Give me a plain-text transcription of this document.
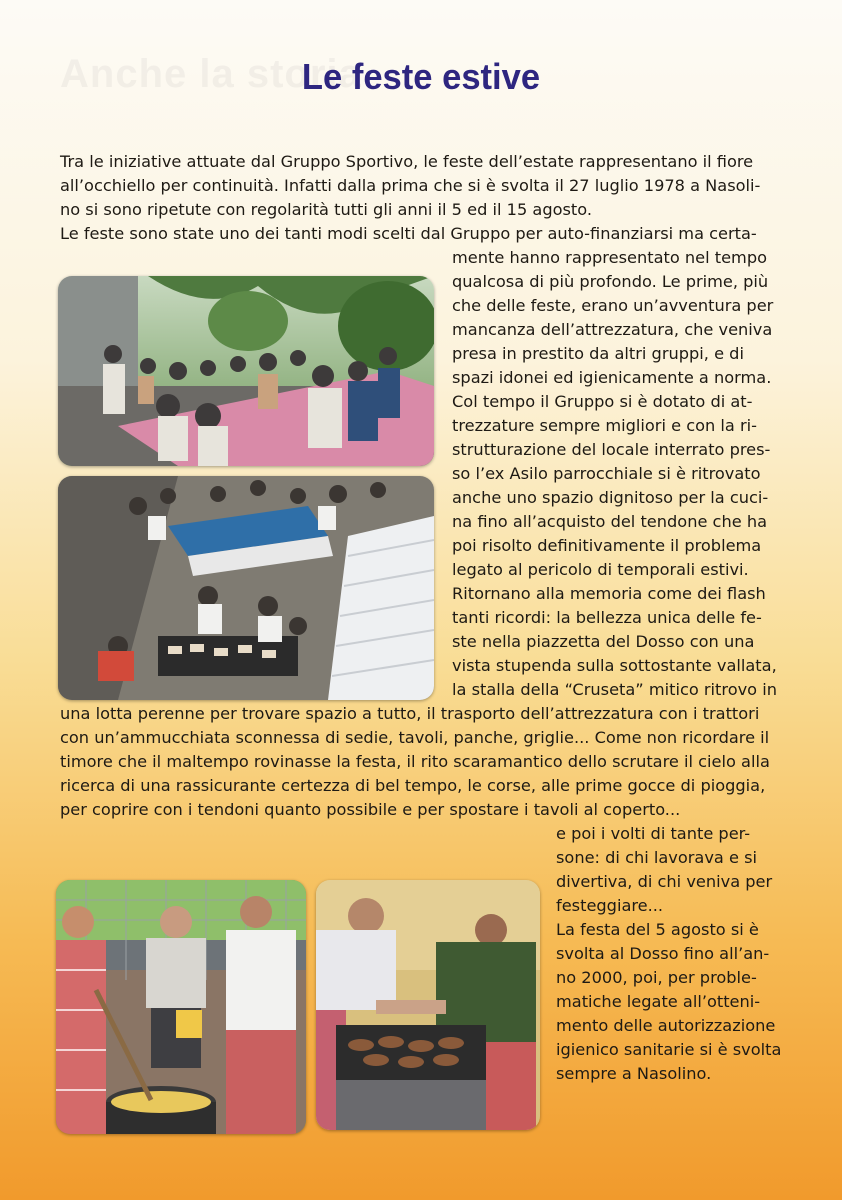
Anche la storia
Le feste estive

Tra le iniziative attuate dal Gruppo Sportivo, le feste dell’estate rappresentano il fiore

all’occhiello per continuità. Infatti dalla prima che si è svolta il 27 luglio 1978 a Nasoli-

no si sono ripetute con regolarità tutti gli anni il 5 ed il 15 agosto.

Le feste sono state uno dei tanti modi scelti dal Gruppo per auto-finanziarsi ma certa-

mente hanno rappresentato nel tempo

qualcosa di più profondo. Le prime, più

che delle feste, erano un’avventura per

mancanza dell’attrezzatura, che veniva

presa in prestito da altri gruppi, e di

spazi idonei ed igienicamente a norma.

Col tempo il Gruppo si è dotato di at-

trezzature sempre migliori e con la ri-

strutturazione del locale interrato pres-

so l’ex Asilo parrocchiale si è ritrovato

anche uno spazio dignitoso per la cuci-

na fino all’acquisto del tendone che ha

poi risolto definitivamente il problema

legato al pericolo di temporali estivi.

Ritornano alla memoria come dei flash

tanti ricordi: la bellezza unica delle fe-

ste nella piazzetta del Dosso con una

vista stupenda sulla sottostante vallata,

la stalla della “Cruseta” mitico ritrovo in

una lotta perenne per trovare spazio a tutto, il trasporto dell’attrezzatura con i trattori

con un’ammucchiata sconnessa di sedie, tavoli, panche, griglie... Come non ricordare il

timore che il maltempo rovinasse la festa, il rito scaramantico dello scrutare il cielo alla

ricerca di una rassicurante certezza di bel tempo, le corse, alle prime gocce di pioggia,

per coprire con i tendoni quanto possibile e per spostare i tavoli al coperto...

e poi i volti di tante per-

sone: di chi lavorava e si

divertiva, di chi veniva per

festeggiare...

La festa del 5 agosto si è

svolta al Dosso fino all’an-

no 2000, poi, per proble-

matiche legate all’otteni-

mento delle autorizzazione

igienico sanitarie si è svolta

sempre a Nasolino.
